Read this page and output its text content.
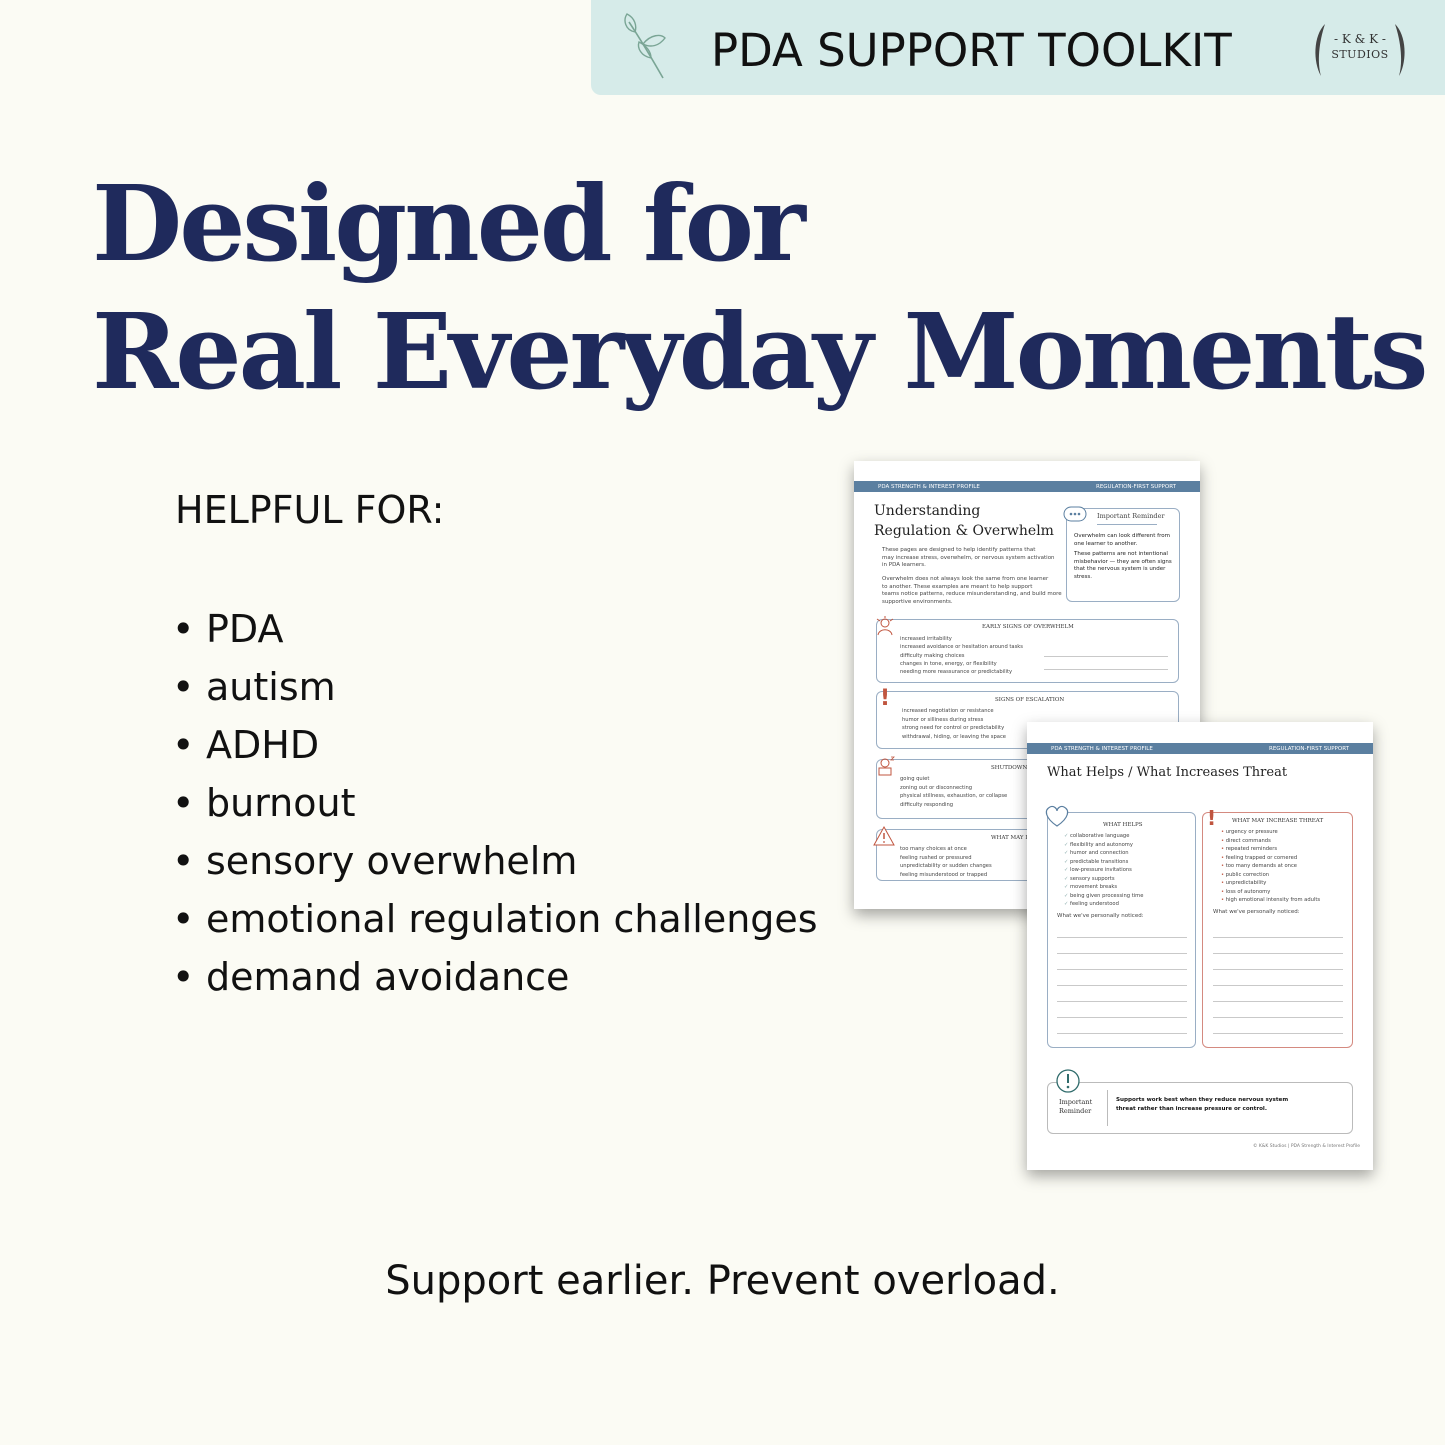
PDA SUPPORT TOOLKIT	- K & K -
STUDIOS
Designed for
Real Everyday Moments
HELPFUL FOR:
• PDA
• autism
• ADHD
• burnout
• sensory overwhelm
• emotional regulation challenges
• demand avoidance
PDA STRENGTH & INTEREST PROFILE	REGULATION-FIRST SUPPORT
Understanding
Regulation & Overwhelm
These pages are designed to help identify patterns that
may increase stress, overwhelm, or nervous system activation
in PDA learners.
Overwhelm does not always look the same from one learner
to another. These examples are meant to help support
teams notice patterns, reduce misunderstanding, and build more
supportive environments.
Important Reminder
Overwhelm can look different from
one learner to another.
These patterns are not intentional
misbehavior — they are often signs
that the nervous system is under
stress.
EARLY SIGNS OF OVERWHELM
increased irritability
increased avoidance or hesitation around tasks
difficulty making choices
changes in tone, energy, or flexibility
needing more reassurance or predictability
!	SIGNS OF ESCALATION
increased negotiation or resistance
humor or silliness during stress
strong need for control or predictability
withdrawal, hiding, or leaving the space
SHUTDOWN
going quiet
zoning out or disconnecting
physical stillness, exhaustion, or collapse
difficulty responding
WHAT MAY I
too many choices at once
feeling rushed or pressured
unpredictability or sudden changes
feeling misunderstood or trapped
PDA STRENGTH & INTEREST PROFILE	REGULATION-FIRST SUPPORT
What Helps / What Increases Threat
WHAT HELPS
✓ collaborative language
✓ flexibility and autonomy
✓ humor and connection
✓ predictable transitions
✓ low-pressure invitations
✓ sensory supports
✓ movement breaks
✓ being given processing time
✓ feeling understood
What we've personally noticed:
!	WHAT MAY INCREASE THREAT
• urgency or pressure
• direct commands
• repeated reminders
• feeling trapped or cornered
• too many demands at once
• public correction
• unpredictability
• loss of autonomy
• high emotional intensity from adults
What we've personally noticed:
Important
Reminder
Supports work best when they reduce nervous system
threat rather than increase pressure or control.
© K&K Studios | PDA Strength & Interest Profile
Support earlier. Prevent overload.
